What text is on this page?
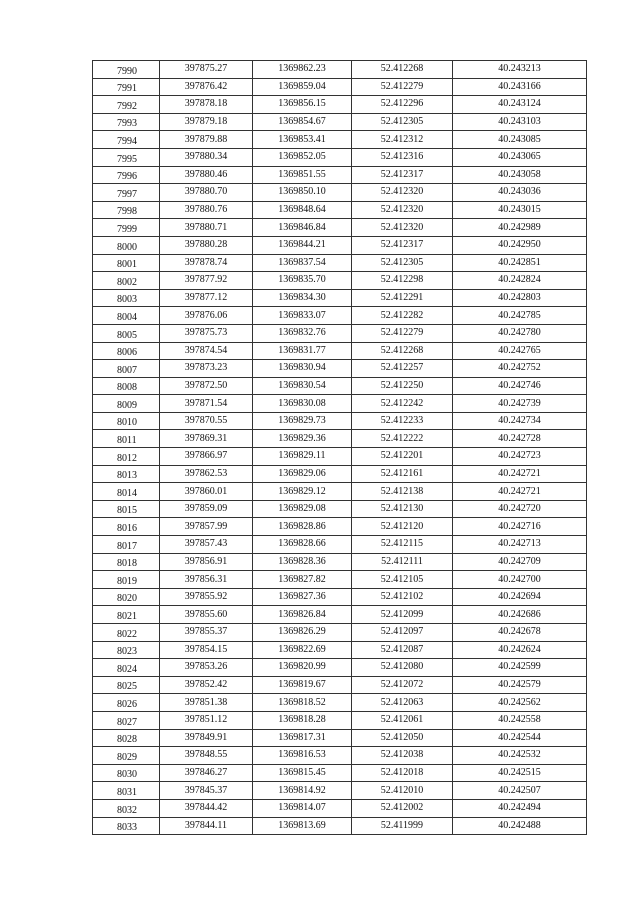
7990	397875.27	1369862.23	52.412268	40.243213
7991	397876.42	1369859.04	52.412279	40.243166
7992	397878.18	1369856.15	52.412296	40.243124
7993	397879.18	1369854.67	52.412305	40.243103
7994	397879.88	1369853.41	52.412312	40.243085
7995	397880.34	1369852.05	52.412316	40.243065
7996	397880.46	1369851.55	52.412317	40.243058
7997	397880.70	1369850.10	52.412320	40.243036
7998	397880.76	1369848.64	52.412320	40.243015
7999	397880.71	1369846.84	52.412320	40.242989
8000	397880.28	1369844.21	52.412317	40.242950
8001	397878.74	1369837.54	52.412305	40.242851
8002	397877.92	1369835.70	52.412298	40.242824
8003	397877.12	1369834.30	52.412291	40.242803
8004	397876.06	1369833.07	52.412282	40.242785
8005	397875.73	1369832.76	52.412279	40.242780
8006	397874.54	1369831.77	52.412268	40.242765
8007	397873.23	1369830.94	52.412257	40.242752
8008	397872.50	1369830.54	52.412250	40.242746
8009	397871.54	1369830.08	52.412242	40.242739
8010	397870.55	1369829.73	52.412233	40.242734
8011	397869.31	1369829.36	52.412222	40.242728
8012	397866.97	1369829.11	52.412201	40.242723
8013	397862.53	1369829.06	52.412161	40.242721
8014	397860.01	1369829.12	52.412138	40.242721
8015	397859.09	1369829.08	52.412130	40.242720
8016	397857.99	1369828.86	52.412120	40.242716
8017	397857.43	1369828.66	52.412115	40.242713
8018	397856.91	1369828.36	52.412111	40.242709
8019	397856.31	1369827.82	52.412105	40.242700
8020	397855.92	1369827.36	52.412102	40.242694
8021	397855.60	1369826.84	52.412099	40.242686
8022	397855.37	1369826.29	52.412097	40.242678
8023	397854.15	1369822.69	52.412087	40.242624
8024	397853.26	1369820.99	52.412080	40.242599
8025	397852.42	1369819.67	52.412072	40.242579
8026	397851.38	1369818.52	52.412063	40.242562
8027	397851.12	1369818.28	52.412061	40.242558
8028	397849.91	1369817.31	52.412050	40.242544
8029	397848.55	1369816.53	52.412038	40.242532
8030	397846.27	1369815.45	52.412018	40.242515
8031	397845.37	1369814.92	52.412010	40.242507
8032	397844.42	1369814.07	52.412002	40.242494
8033	397844.11	1369813.69	52.411999	40.242488
